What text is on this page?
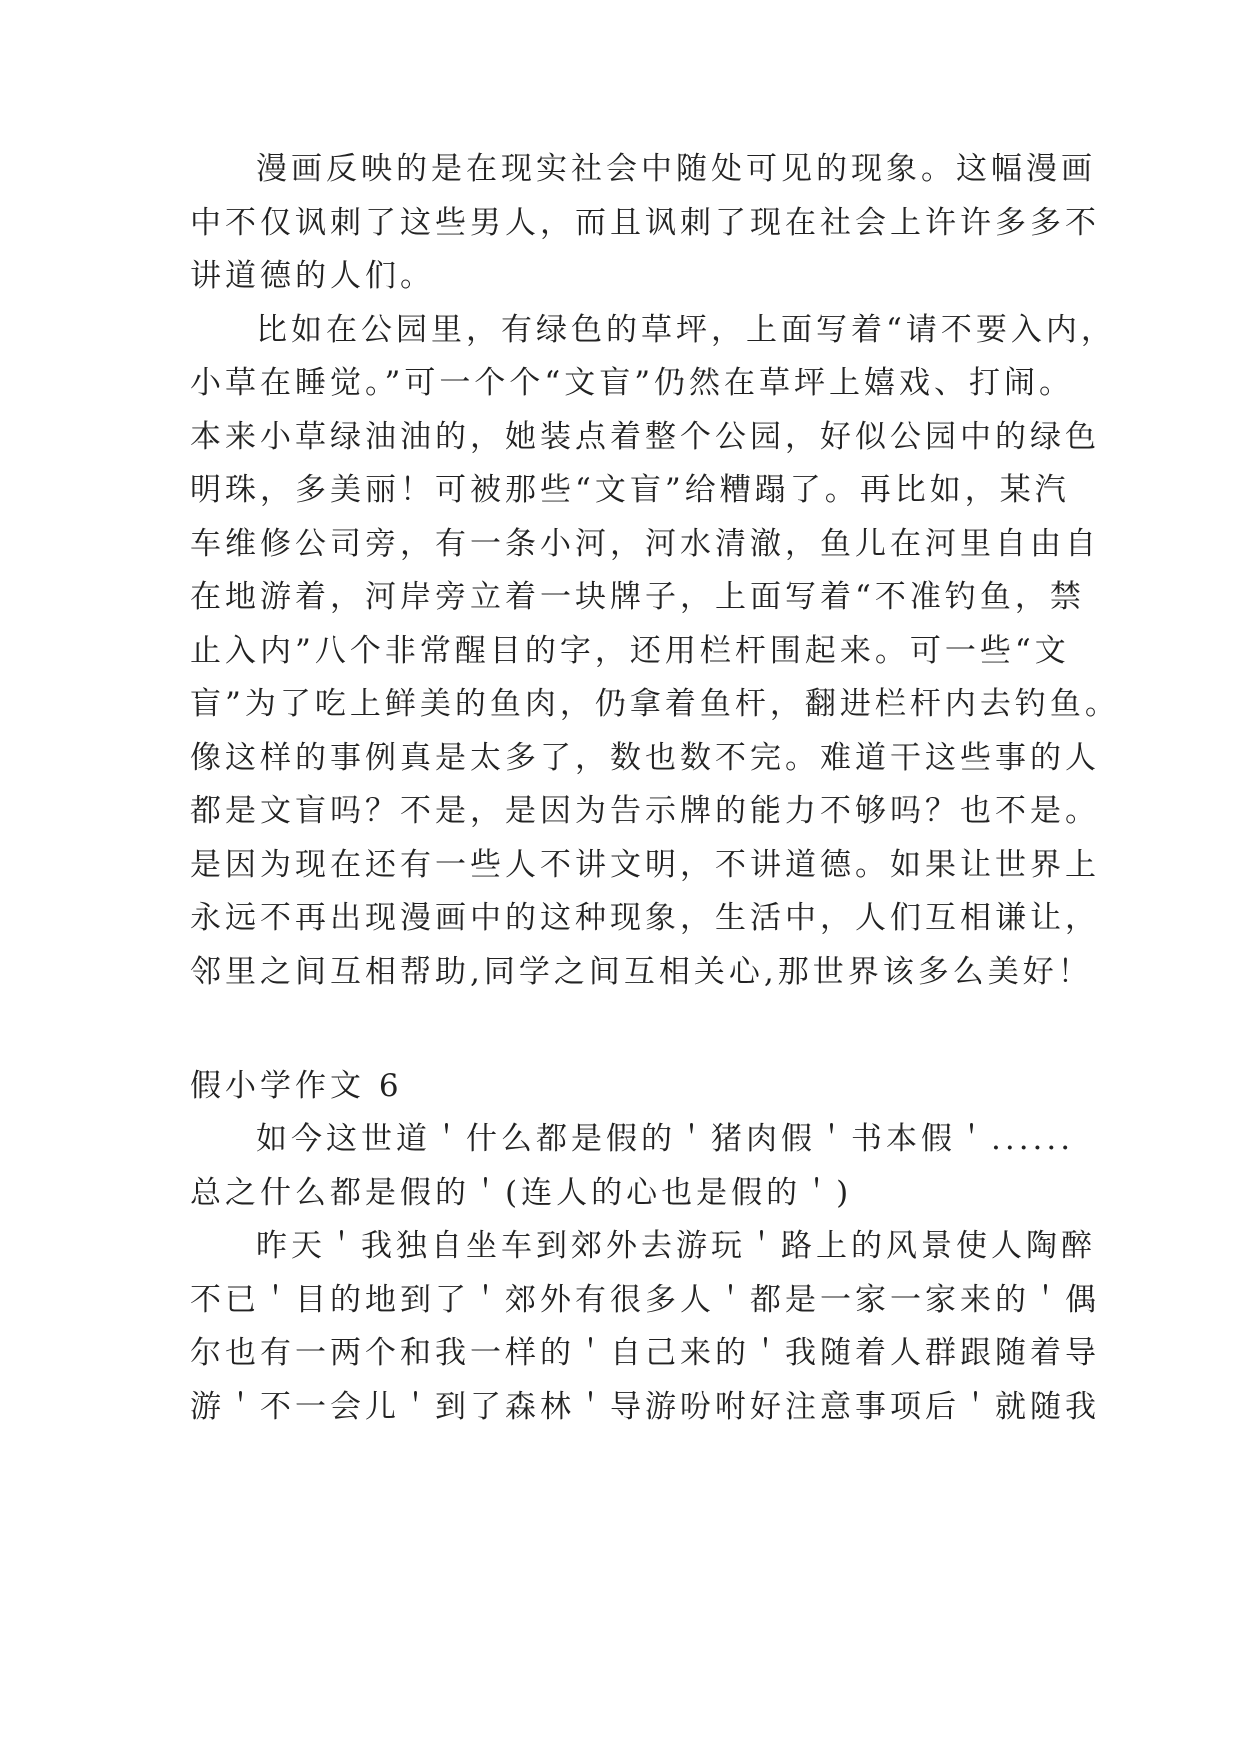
漫画反映的是在现实社会中随处可见的现象。这幅漫画
中不仅讽刺了这些男人，而且讽刺了现在社会上许许多多不
讲道德的人们。
比如在公园里，有绿色的草坪，上面写着“请不要入内，
小草在睡觉。”可一个个“文盲”仍然在草坪上嬉戏、打闹。
本来小草绿油油的，她装点着整个公园，好似公园中的绿色
明珠，多美丽！可被那些“文盲”给糟蹋了。再比如，某汽
车维修公司旁，有一条小河，河水清澈，鱼儿在河里自由自
在地游着，河岸旁立着一块牌子，上面写着“不准钓鱼，禁
止入内”八个非常醒目的字，还用栏杆围起来。可一些“文
盲”为了吃上鲜美的鱼肉，仍拿着鱼杆，翻进栏杆内去钓鱼。
像这样的事例真是太多了，数也数不完。难道干这些事的人
都是文盲吗？不是，是因为告示牌的能力不够吗？也不是。
是因为现在还有一些人不讲文明，不讲道德。如果让世界上
永远不再出现漫画中的这种现象，生活中，人们互相谦让，
邻里之间互相帮助,同学之间互相关心,那世界该多么美好！
假小学作文 6
如今这世道＇什么都是假的＇猪肉假＇书本假＇......
总之什么都是假的＇(连人的心也是假的＇)
昨天＇我独自坐车到郊外去游玩＇路上的风景使人陶醉
不已＇目的地到了＇郊外有很多人＇都是一家一家来的＇偶
尔也有一两个和我一样的＇自己来的＇我随着人群跟随着导
游＇不一会儿＇到了森林＇导游吩咐好注意事项后＇就随我
